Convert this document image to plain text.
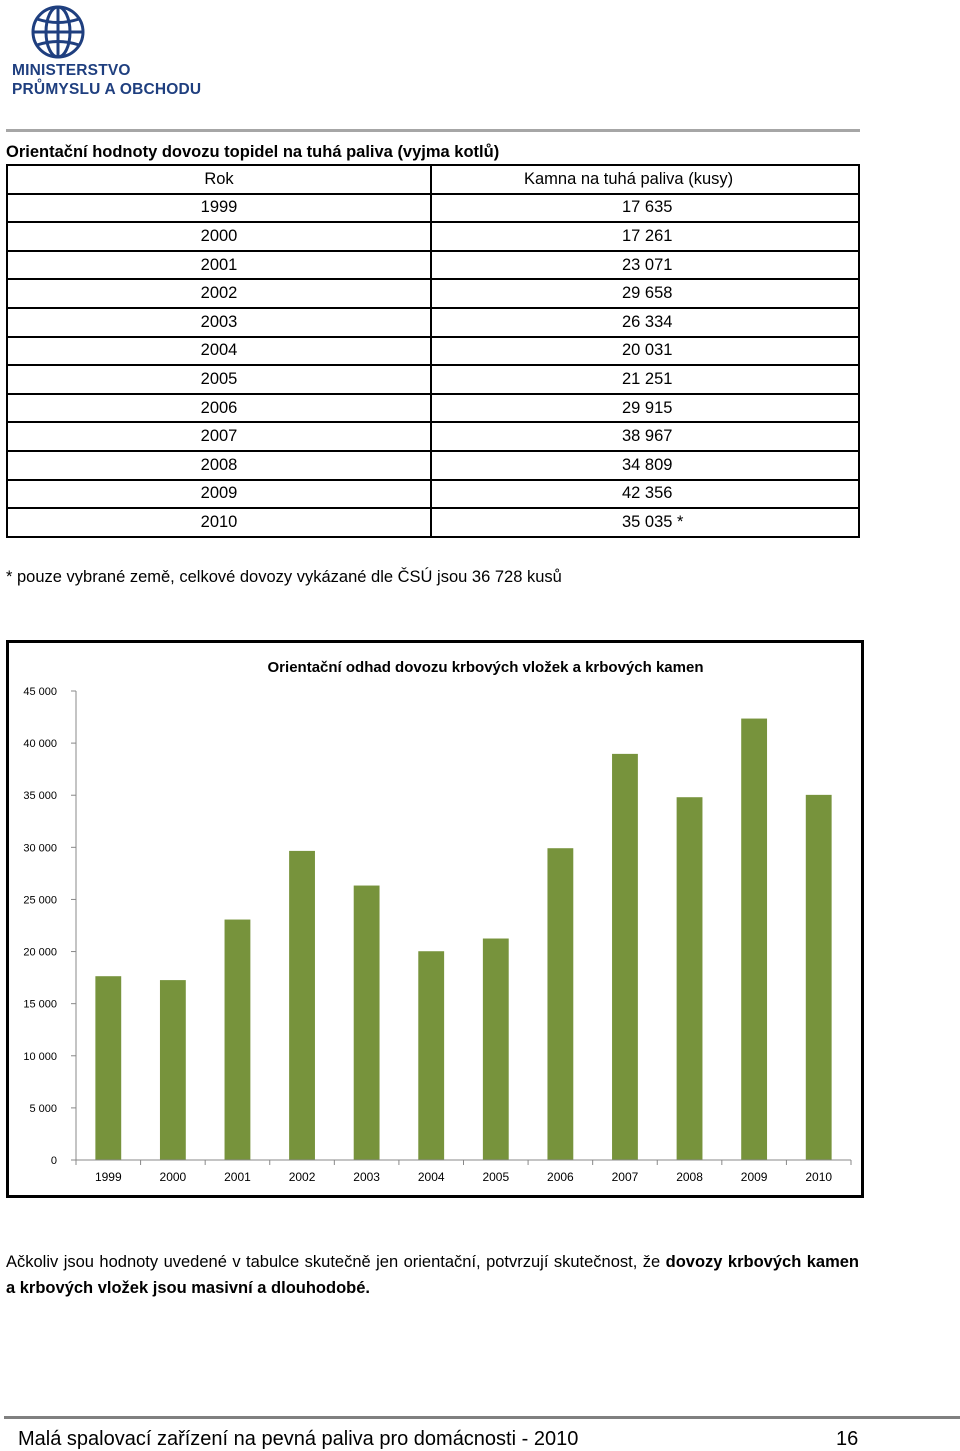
MINISTERSTVO
PRŮMYSLU A OBCHODU
Orientační hodnoty dovozu topidel na tuhá paliva (vyjma kotlů)
Rok	Kamna na tuhá paliva (kusy)
1999	17 635
2000	17 261
2001	23 071
2002	29 658
2003	26 334
2004	20 031
2005	21 251
2006	29 915
2007	38 967
2008	34 809
2009	42 356
2010	35 035 *
* pouze vybrané země, celkové dovozy vykázané dle ČSÚ jsou 36 728 kusů
Orientační odhad dovozu krbových vložek a krbových kamen
0
5 000
10 000
15 000
20 000
25 000
30 000
35 000
40 000
45 000
1999	2000	2001	2002	2003	2004	2005	2006	2007	2008	2009	2010
Ačkoliv jsou hodnoty uvedené v tabulce skutečně jen orientační, potvrzují skutečnost, že dovozy krbových kamen a krbových vložek jsou masivní a dlouhodobé.
Malá spalovací zařízení na pevná paliva pro domácnosti - 2010	16
